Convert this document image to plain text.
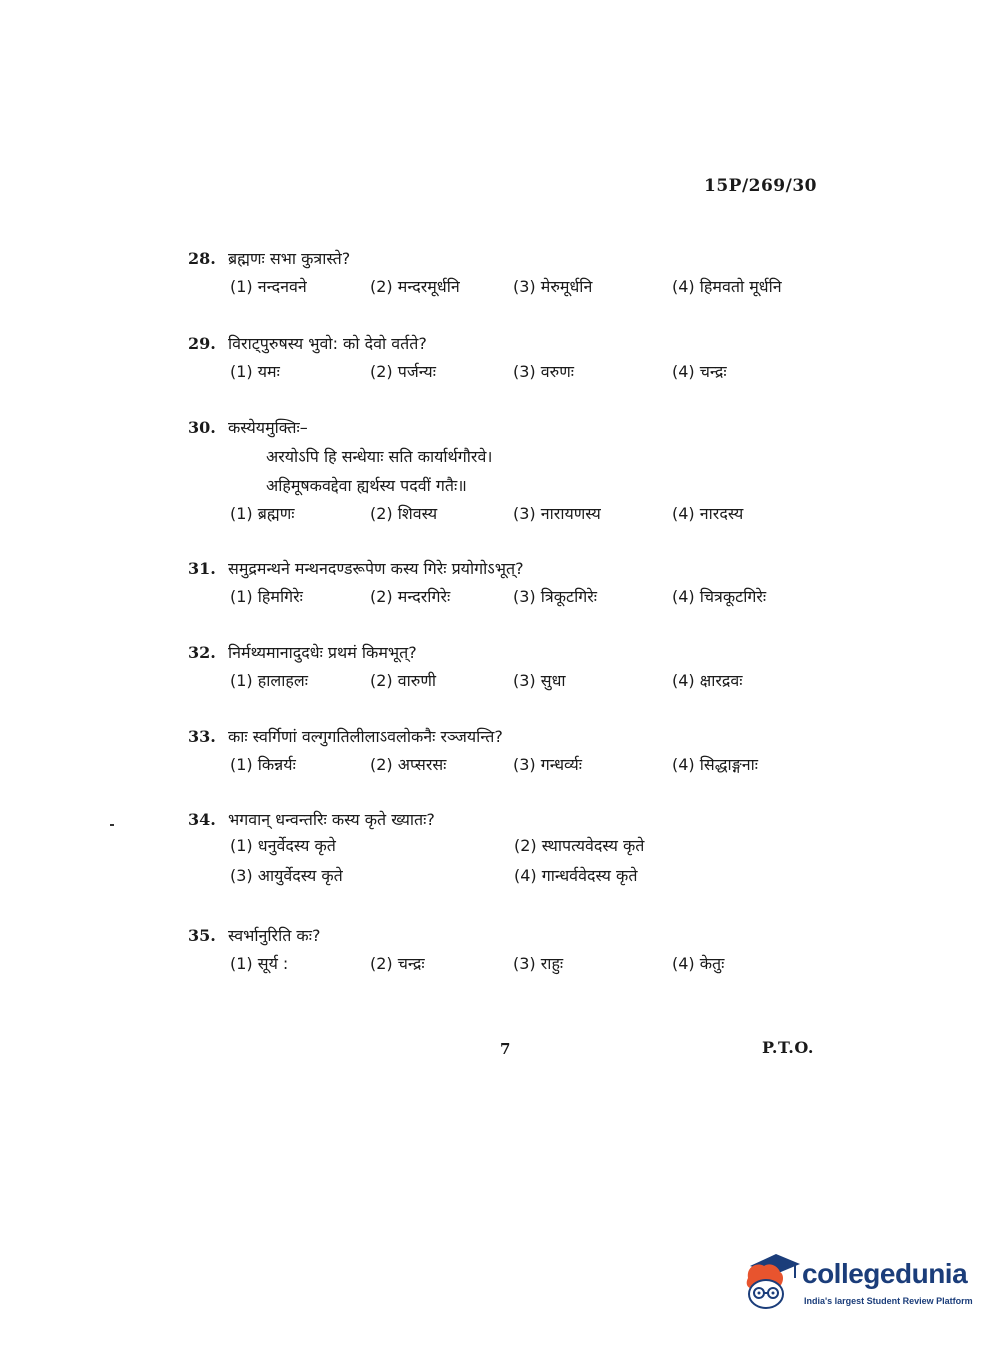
15P/269/30
28. ब्रह्मणः सभा कुत्रास्ते?
(1) नन्दनवने	(2) मन्दरमूर्धनि	(3) मेरुमूर्धनि	(4) हिमवतो मूर्धनि
29. विराट्पुरुषस्य भुवो: को देवो वर्तते?
(1) यमः	(2) पर्जन्यः	(3) वरुणः	(4) चन्द्रः
30. कस्येयमुक्तिः–
अरयोऽपि हि सन्धेयाः सति कार्यार्थगौरवे।
अहिमूषकवद्देवा ह्यर्थस्य पदवीं गतैः॥
(1) ब्रह्मणः	(2) शिवस्य	(3) नारायणस्य	(4) नारदस्य
31. समुद्रमन्थने मन्थनदण्डरूपेण कस्य गिरेः प्रयोगोऽभूत्?
(1) हिमगिरेः	(2) मन्दरगिरेः	(3) त्रिकूटगिरेः	(4) चित्रकूटगिरेः
32. निर्मथ्यमानादुदधेः प्रथमं किमभूत्?
(1) हालाहलः	(2) वारुणी	(3) सुधा	(4) क्षारद्रवः
33. काः स्वर्गिणां वल्गुगतिलीलाऽवलोकनैः रञ्जयन्ति?
(1) किन्नर्यः	(2) अप्सरसः	(3) गन्धर्व्यः	(4) सिद्धाङ्गनाः
34. भगवान् धन्वन्तरिः कस्य कृते ख्यातः?
(1) धनुर्वेदस्य कृते	(2) स्थापत्यवेदस्य कृते
(3) आयुर्वेदस्य कृते	(4) गान्धर्ववेदस्य कृते
35. स्वर्भानुरिति कः?
(1) सूर्य :	(2) चन्द्रः	(3) राहुः	(4) केतुः
7	P.T.O.
collegedunia
India's largest Student Review Platform
